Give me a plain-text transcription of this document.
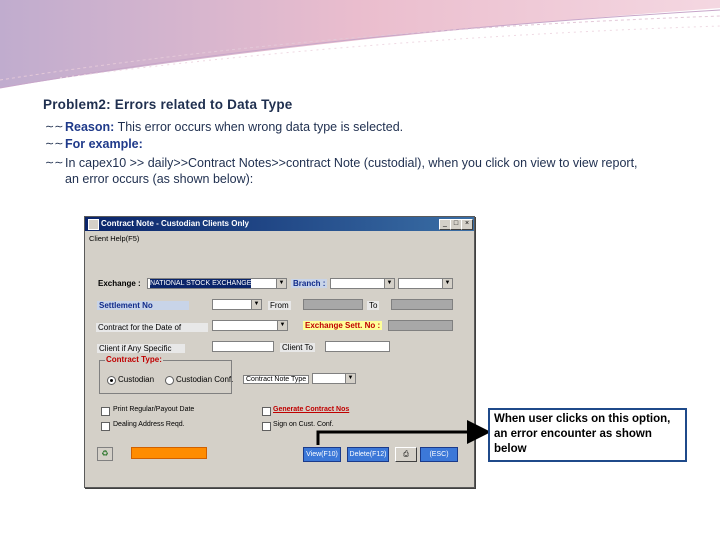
Problem2: Errors related to Data Type
∼∼ Reason: This error occurs when wrong data type is selected.
∼∼ For example:
∼∼ In capex10 >> daily>>Contract Notes>>contract Note (custodial), when you click on view to view report,
an error occurs (as shown below):
Contract Note - Custodian Clients Only	_ □ ×
Client Help(F5)
Exchange : NATIONAL STOCK EXCHANGE	▼ Branch :	▼	▼
Settlement No	▼ From	To
Contract for the Date of	▼ Exchange Sett. No :
Client if Any Specific	Client To
Contract Type:
Custodian	Custodian Conf.	Contract Note Type	▼
Print Regular/Payout Date
Dealing Address Reqd.
Generate Contract Nos
Sign on Cust. Conf.
♻	View(F10)	Delete(F12)	⎙	(ESC)
When user clicks on this option, an error encounter as shown below
